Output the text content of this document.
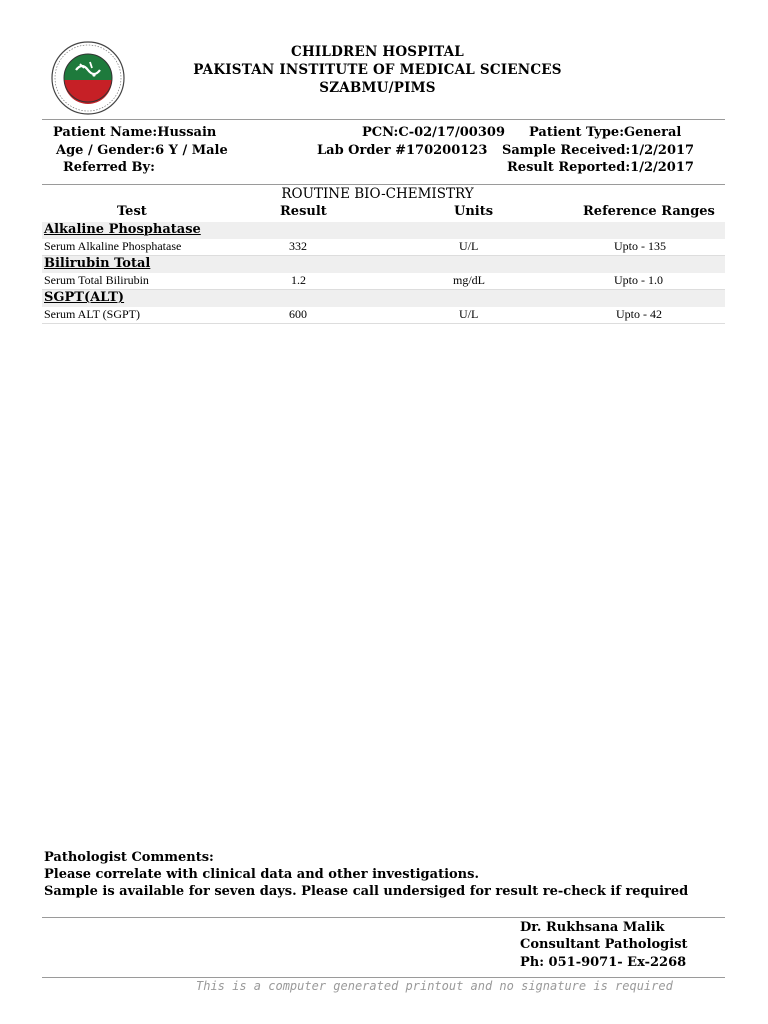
CHILDREN HOSPITAL
PAKISTAN INSTITUTE OF MEDICAL SCIENCES
SZABMU/PIMS
Patient Name:Hussain	PCN:C-02/17/00309 Patient Type:General
Age / Gender:6 Y / Male	Lab Order #170200123 Sample Received:1/2/2017
Referred By:	Result Reported:1/2/2017
ROUTINE BIO-CHEMISTRY
Test	Result	Units	Reference Ranges
Alkaline Phosphatase
Serum Alkaline Phosphatase	332	U/L	Upto - 135
Bilirubin Total
Serum Total Bilirubin	1.2	mg/dL	Upto - 1.0
SGPT(ALT)
Serum ALT (SGPT)	600	U/L	Upto - 42
Pathologist Comments:
Please correlate with clinical data and other investigations.
Sample is available for seven days. Please call undersiged for result re-check if required
Dr. Rukhsana Malik
Consultant Pathologist
Ph: 051-9071- Ex-2268
This is a computer generated printout and no signature is required
